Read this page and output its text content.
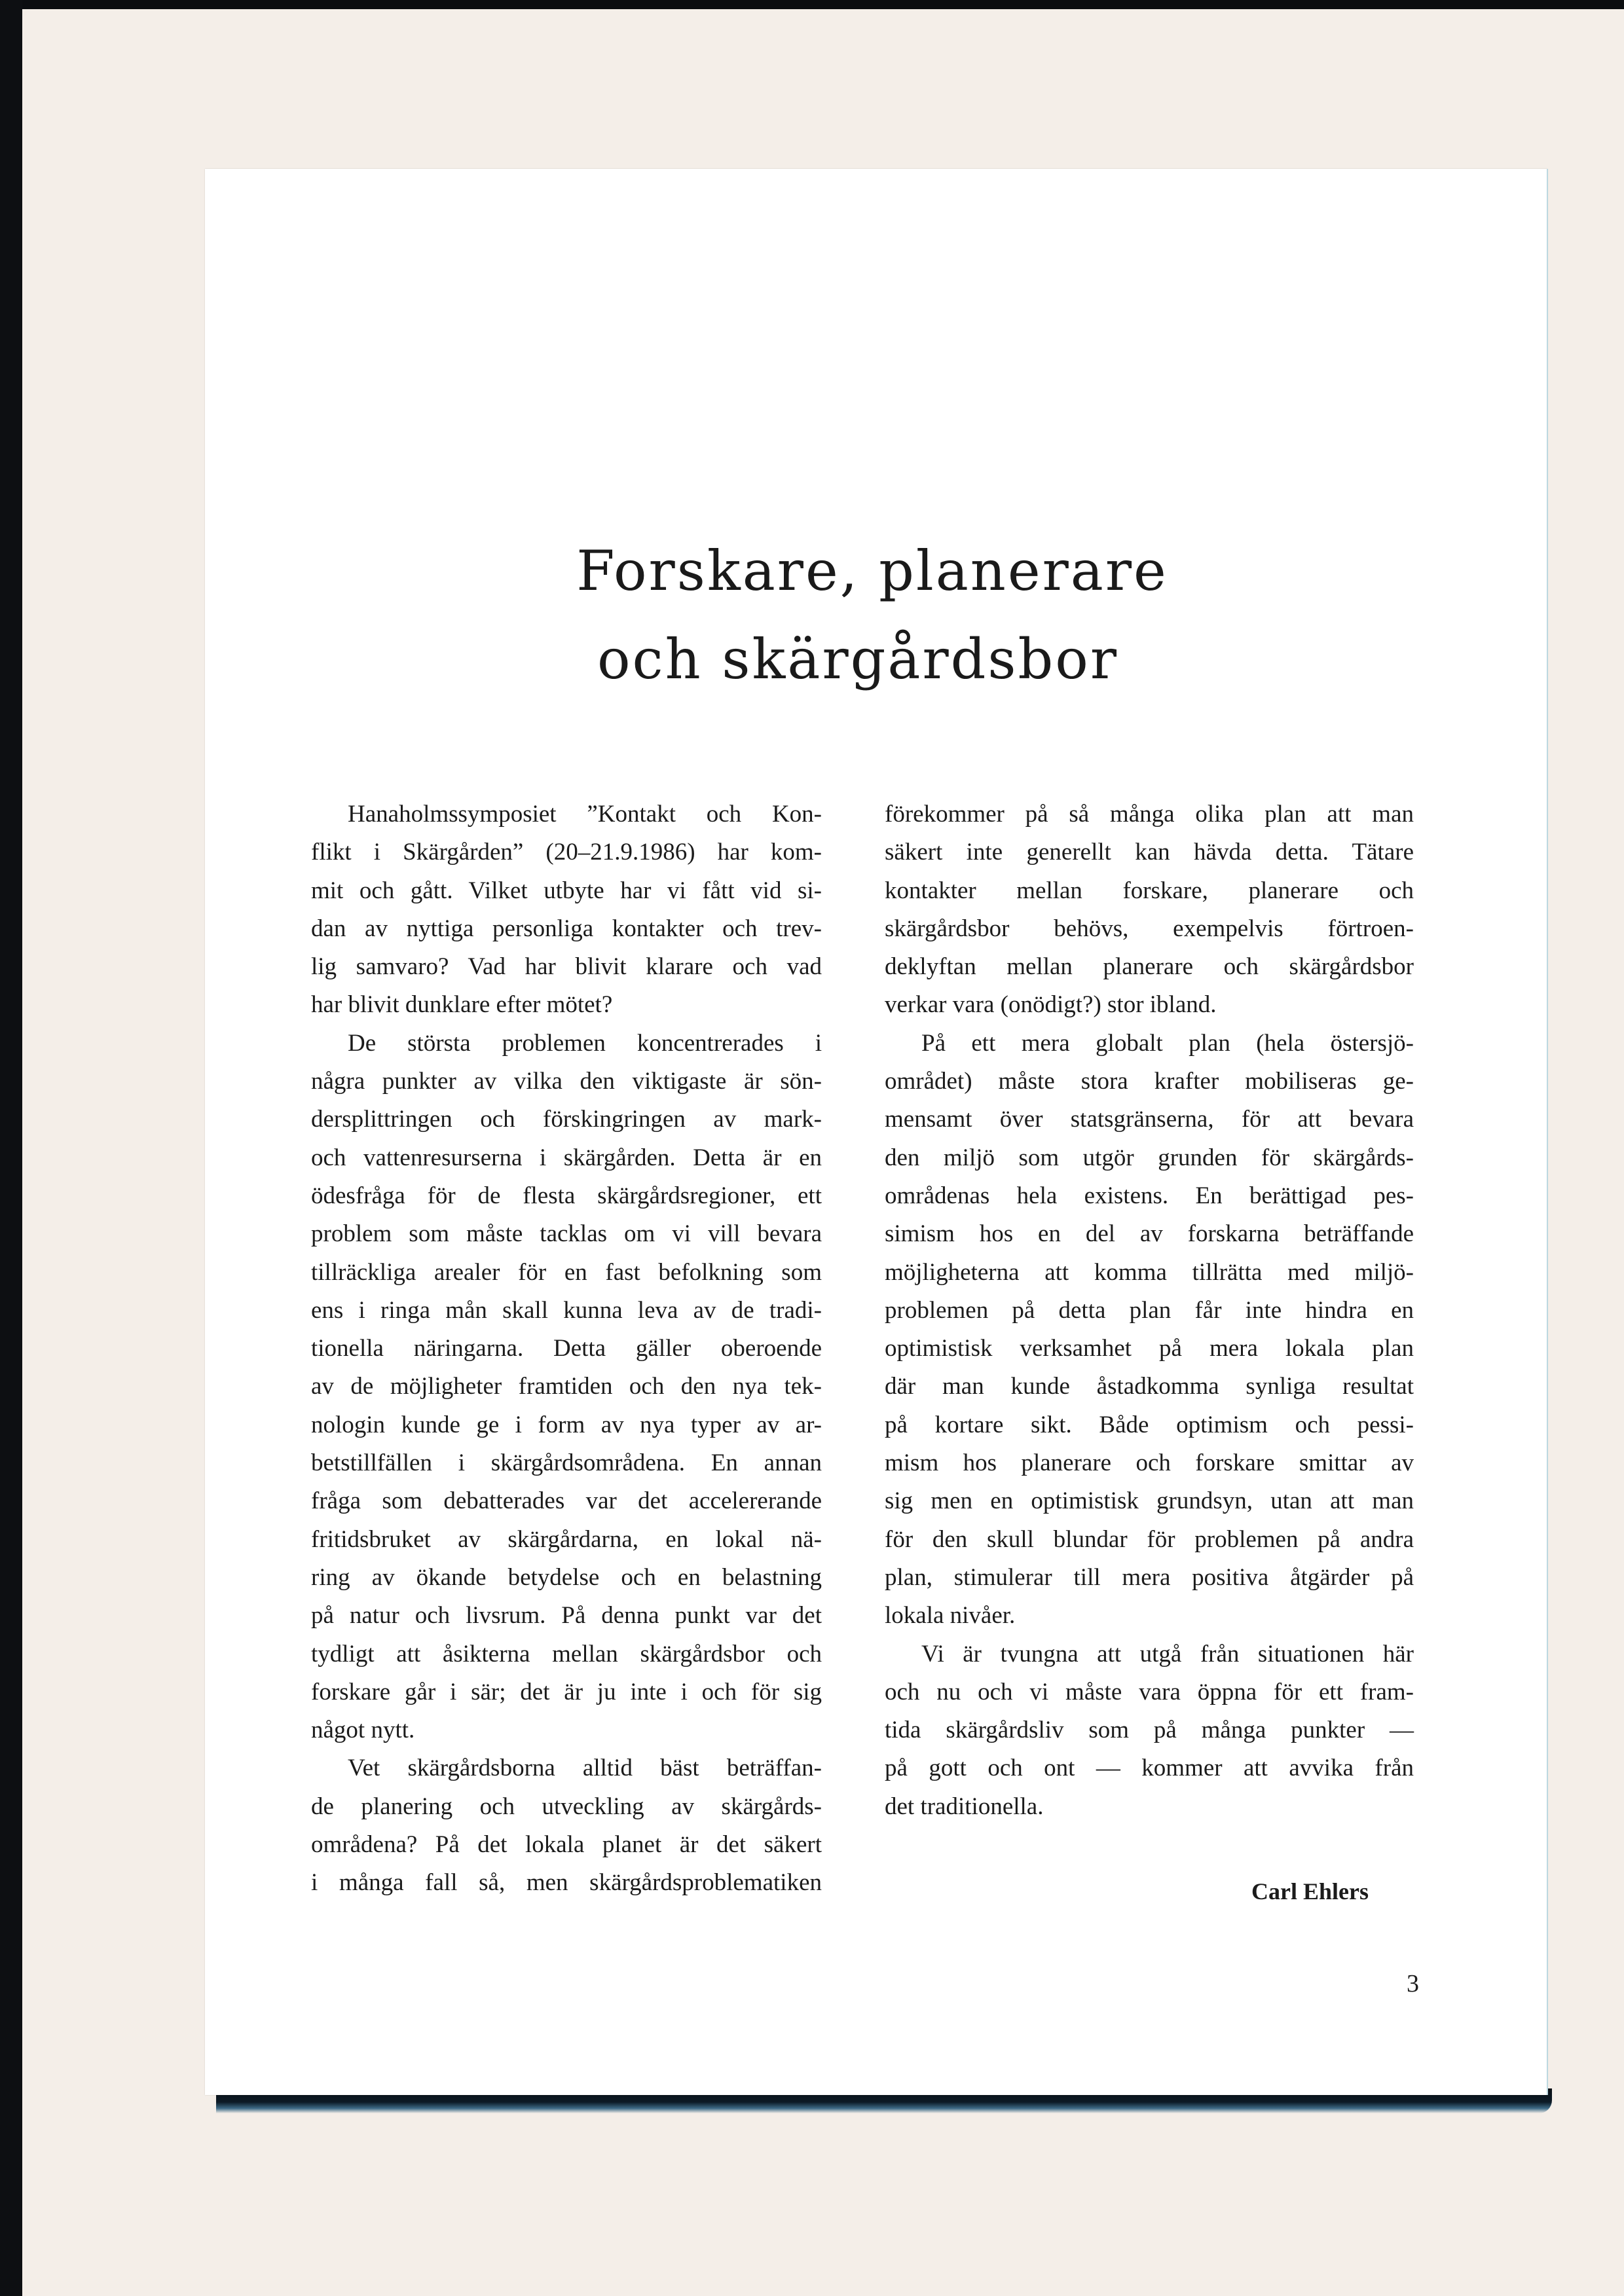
Forskare, planerare
och skärgårdsbor
Hanaholmssymposiet ”Kontakt och Kon-
flikt i Skärgården” (20–21.9.1986) har kom-
mit och gått. Vilket utbyte har vi fått vid si-
dan av nyttiga personliga kontakter och trev-
lig samvaro? Vad har blivit klarare och vad
har blivit dunklare efter mötet?
De största problemen koncentrerades i
några punkter av vilka den viktigaste är sön-
dersplittringen och förskingringen av mark-
och vattenresurserna i skärgården. Detta är en
ödesfråga för de flesta skärgårdsregioner, ett
problem som måste tacklas om vi vill bevara
tillräckliga arealer för en fast befolkning som
ens i ringa mån skall kunna leva av de tradi-
tionella näringarna. Detta gäller oberoende
av de möjligheter framtiden och den nya tek-
nologin kunde ge i form av nya typer av ar-
betstillfällen i skärgårdsområdena. En annan
fråga som debatterades var det accelererande
fritidsbruket av skärgårdarna, en lokal nä-
ring av ökande betydelse och en belastning
på natur och livsrum. På denna punkt var det
tydligt att åsikterna mellan skärgårdsbor och
forskare går i sär; det är ju inte i och för sig
något nytt.
Vet skärgårdsborna alltid bäst beträffan-
de planering och utveckling av skärgårds-
områdena? På det lokala planet är det säkert
i många fall så, men skärgårdsproblematiken
förekommer på så många olika plan att man
säkert inte generellt kan hävda detta. Tätare
kontakter mellan forskare, planerare och
skärgårdsbor behövs, exempelvis förtroen-
deklyftan mellan planerare och skärgårdsbor
verkar vara (onödigt?) stor ibland.
På ett mera globalt plan (hela östersjö-
området) måste stora krafter mobiliseras ge-
mensamt över statsgränserna, för att bevara
den miljö som utgör grunden för skärgårds-
områdenas hela existens. En berättigad pes-
simism hos en del av forskarna beträffande
möjligheterna att komma tillrätta med miljö-
problemen på detta plan får inte hindra en
optimistisk verksamhet på mera lokala plan
där man kunde åstadkomma synliga resultat
på kortare sikt. Både optimism och pessi-
mism hos planerare och forskare smittar av
sig men en optimistisk grundsyn, utan att man
för den skull blundar för problemen på andra
plan, stimulerar till mera positiva åtgärder på
lokala nivåer.
Vi är tvungna att utgå från situationen här
och nu och vi måste vara öppna för ett fram-
tida skärgårdsliv som på många punkter —
på gott och ont — kommer att avvika från
det traditionella.
Carl Ehlers
3
